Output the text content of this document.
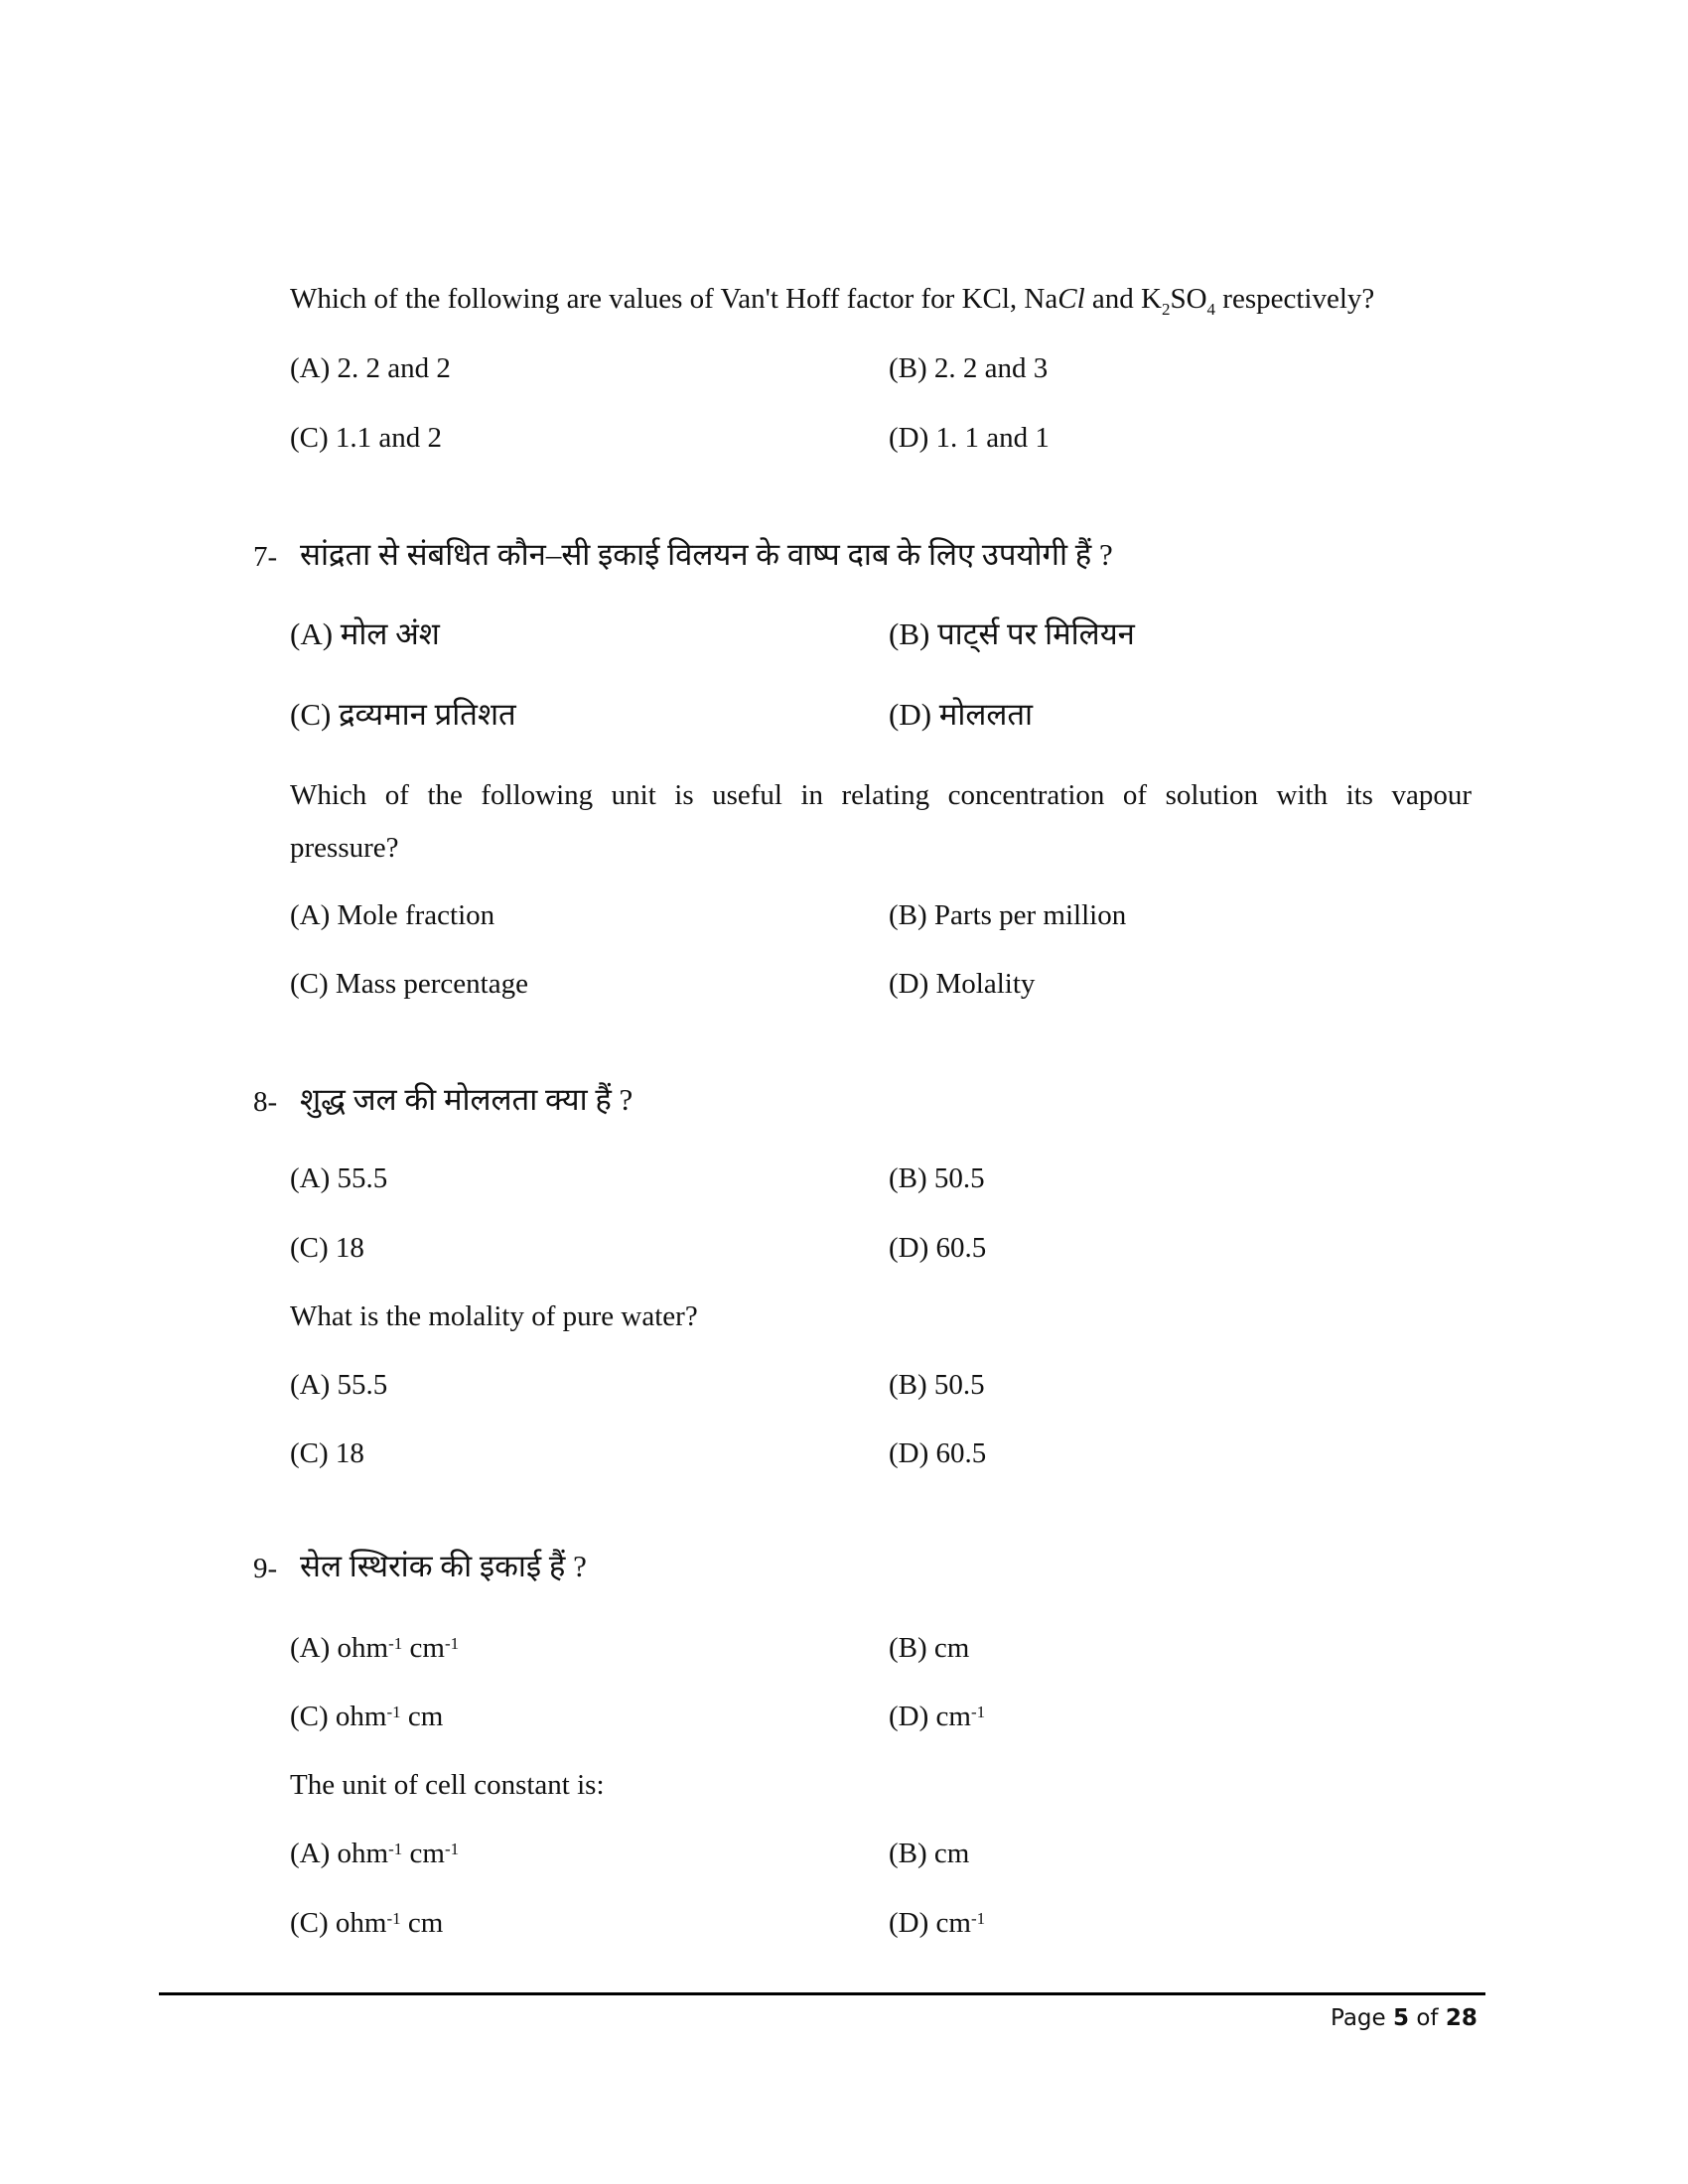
Which of the following are values of Van't Hoff factor for KCl, NaCl and $K_2SO_4$ respectively?
(A) 2. 2 and 2	(B) 2. 2 and 3
(C) 1.1 and 2	(D) 1. 1 and 1
7- सांद्रता से संबधित कौन–सी इकाई विलयन के वाष्प दाब के लिए उपयोगी हैं ?
(A) मोल अंश	(B) पाट्‌र्स पर मिलियन
(C) द्रव्यमान प्रतिशत	(D) मोललता
Which of the following unit is useful in relating concentration of solution with its vapour
pressure?
(A) Mole fraction	(B) Parts per million
(C) Mass percentage	(D) Molality
8- शुद्ध जल की मोललता क्या हैं ?
(A) 55.5	(B) 50.5
(C) 18	(D) 60.5
What is the molality of pure water?
(A) 55.5	(B) 50.5
(C) 18	(D) 60.5
9- सेल स्थिरांक की इकाई हैं ?
(A) ohm$^{-1}$ $cm^{-1}$	(B) cm
(C) ohm$^{-1}$ cm	(D) $cm^{-1}$
The unit of cell constant is:
(A) ohm$^{-1}$ $cm^{-1}$	(B) cm
(C) ohm$^{-1}$ cm	(D) $cm^{-1}$
Page 5 of 28
